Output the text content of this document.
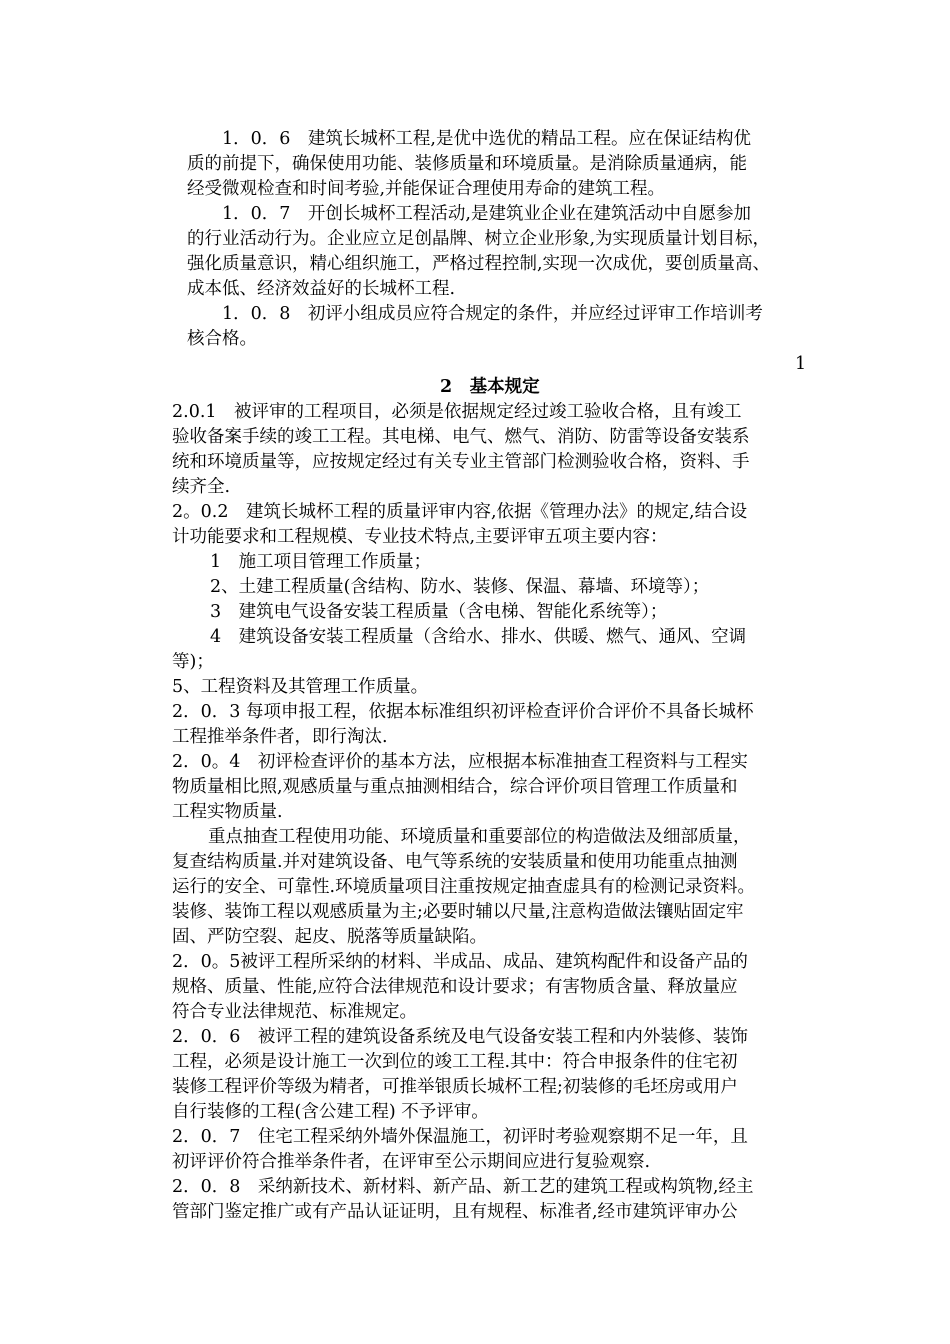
1．0．6　建筑长城杯工程,是优中选优的精品工程。应在保证结构优
质的前提下，确保使用功能、装修质量和环境质量。是消除质量通病，能
经受微观检查和时间考验,并能保证合理使用寿命的建筑工程。
1．0．7　开创长城杯工程活动,是建筑业企业在建筑活动中自愿参加
的行业活动行为。企业应立足创晶牌、树立企业形象,为实现质量计划目标，
强化质量意识，精心组织施工，严格过程控制,实现一次成优，要创质量高、
成本低、经济效益好的长城杯工程.
1．0．8　初评小组成员应符合规定的条件，并应经过评审工作培训考
核合格。
1
2　基本规定
2.0.1　被评审的工程项目，必须是依据规定经过竣工验收合格，且有竣工
验收备案手续的竣工工程。其电梯、电气、燃气、消防、防雷等设备安装系
统和环境质量等，应按规定经过有关专业主管部门检测验收合格，资料、手
续齐全.
2。0.2　建筑长城杯工程的质量评审内容,依据《管理办法》的规定,结合设
计功能要求和工程规模、专业技术特点,主要评审五项主要内容：
1　施工项目管理工作质量；
2、土建工程质量(含结构、防水、装修、保温、幕墙、环境等）；
3　建筑电气设备安装工程质量（含电梯、智能化系统等）；
4　建筑设备安装工程质量（含给水、排水、供暖、燃气、通风、空调
等)；
5、工程资料及其管理工作质量。
2．0．3 每项申报工程，依据本标准组织初评检查评价合评价不具备长城杯
工程推举条件者，即行淘汰.
2．0。4　初评检查评价的基本方法，应根据本标准抽查工程资料与工程实
物质量相比照,观感质量与重点抽测相结合，综合评价项目管理工作质量和
工程实物质量.
重点抽查工程使用功能、环境质量和重要部位的构造做法及细部质量，
复查结构质量.并对建筑设备、电气等系统的安装质量和使用功能重点抽测
运行的安全、可靠性.环境质量项目注重按规定抽查虚具有的检测记录资料。
装修、装饰工程以观感质量为主;必要时辅以尺量,注意构造做法镶贴固定牢
固、严防空裂、起皮、脱落等质量缺陷。
2．0。5被评工程所采纳的材料、半成品、成品、建筑构配件和设备产品的
规格、质量、性能,应符合法律规范和设计要求；有害物质含量、释放量应
符合专业法律规范、标准规定。
2．0．6　被评工程的建筑设备系统及电气设备安装工程和内外装修、装饰
工程，必须是设计施工一次到位的竣工工程.其中：符合申报条件的住宅初
装修工程评价等级为精者，可推举银质长城杯工程;初装修的毛坯房或用户
自行装修的工程(含公建工程) 不予评审。
2．0．7　住宅工程采纳外墙外保温施工，初评时考验观察期不足一年，且
初评评价符合推举条件者，在评审至公示期间应进行复验观察.
2．0．8　采纳新技术、新材料、新产品、新工艺的建筑工程或构筑物,经主
管部门鉴定推广或有产品认证证明，且有规程、标准者,经市建筑评审办公
